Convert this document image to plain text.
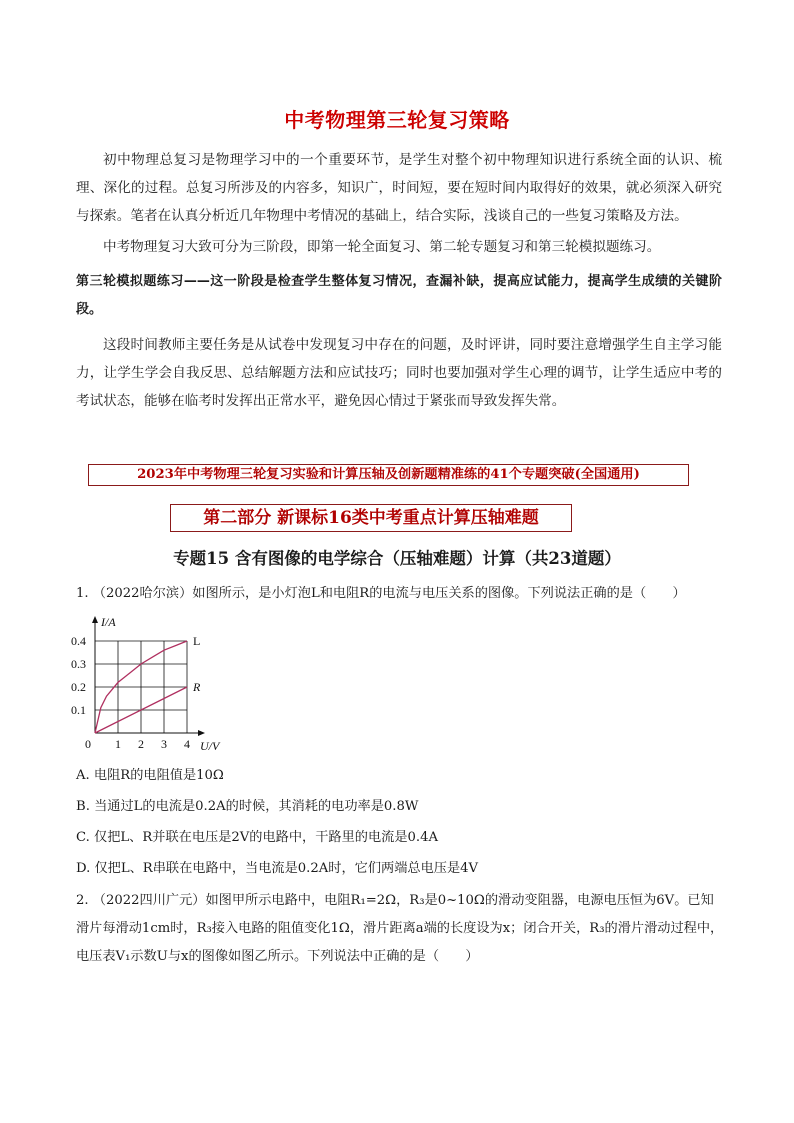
中考物理第三轮复习策略

初中物理总复习是物理学习中的一个重要环节，是学生对整个初中物理知识进行系统全面的认识、梳理、深化的过程。总复习所涉及的内容多，知识广，时间短，要在短时间内取得好的效果，就必须深入研究与探索。笔者在认真分析近几年物理中考情况的基础上，结合实际，浅谈自己的一些复习策略及方法。

中考物理复习大致可分为三阶段，即第一轮全面复习、第二轮专题复习和第三轮模拟题练习。

第三轮模拟题练习——这一阶段是检查学生整体复习情况，查漏补缺，提高应试能力，提高学生成绩的关键阶段。

这段时间教师主要任务是从试卷中发现复习中存在的问题，及时评讲，同时要注意增强学生自主学习能力，让学生学会自我反思、总结解题方法和应试技巧；同时也要加强对学生心理的调节，让学生适应中考的考试状态，能够在临考时发挥出正常水平，避免因心情过于紧张而导致发挥失常。

2023年中考物理三轮复习实验和计算压轴及创新题精准练的41个专题突破(全国通用)
第二部分 新课标16类中考重点计算压轴难题
专题15 含有图像的电学综合（压轴难题）计算（共23道题）

1. （2022哈尔滨）如图所示，是小灯泡L和电阻R的电流与电压关系的图像。下列说法正确的是（　　）

0 1 2 3 4
0.1
0.2
0.3
0.4
I/A
U/V
L
R
A. 电阻R的电阻值是10Ω
B. 当通过L的电流是0.2A的时候，其消耗的电功率是0.8W
C. 仅把L、R并联在电压是2V的电路中，干路里的电流是0.4A
D. 仅把L、R串联在电路中，当电流是0.2A时，它们两端总电压是4V

2. （2022四川广元）如图甲所示电路中，电阻R₁=2Ω，R₃是0~10Ω的滑动变阻器，电源电压恒为6V。已知滑片每滑动1cm时，R₃接入电路的阻值变化1Ω，滑片距离a端的长度设为x；闭合开关，R₃的滑片滑动过程中，电压表V₁示数U与x的图像如图乙所示。下列说法中正确的是（　　）
